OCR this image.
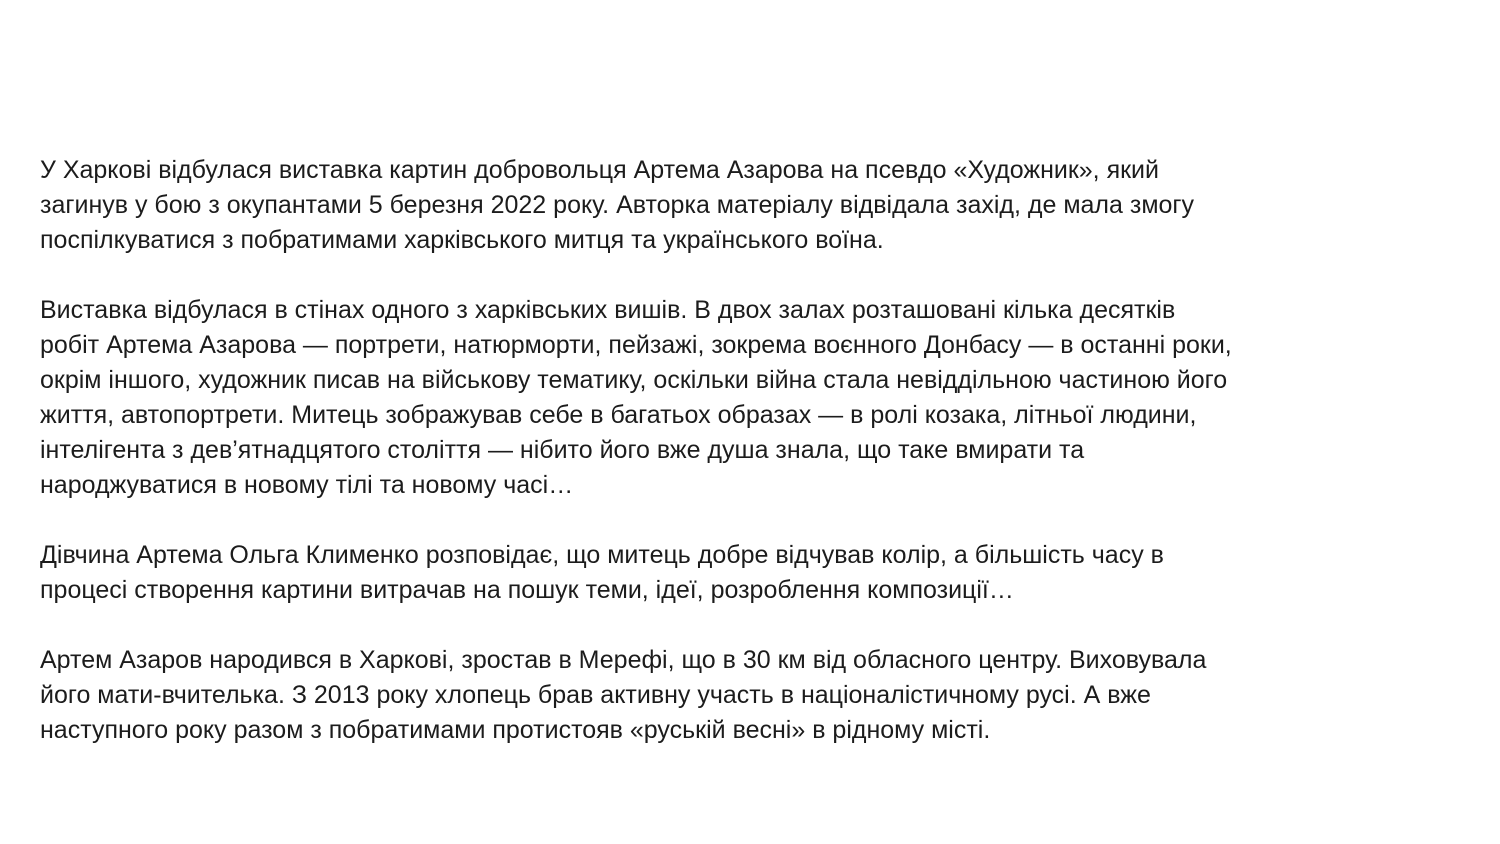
У Харкові відбулася виставка картин добровольця Артема Азарова на псевдо «Художник», який
загинув у бою з окупантами 5 березня 2022 року. Авторка матеріалу відвідала захід, де мала змогу
поспілкуватися з побратимами харківського митця та українського воїна.

Виставка відбулася в стінах одного з харківських вишів. В двох залах розташовані кілька десятків
робіт Артема Азарова — портрети, натюрморти, пейзажі, зокрема воєнного Донбасу — в останні роки,
окрім іншого, художник писав на військову тематику, оскільки війна стала невіддільною частиною його
життя, автопортрети. Митець зображував себе в багатьох образах — в ролі козака, літньої людини,
інтелігента з дев’ятнадцятого століття — нібито його вже душа знала, що таке вмирати та
народжуватися в новому тілі та новому часі…

Дівчина Артема Ольга Клименко розповідає, що митець добре відчував колір, а більшість часу в
процесі створення картини витрачав на пошук теми, ідеї, розроблення композиції…

Артем Азаров народився в Харкові, зростав в Мерефі, що в 30 км від обласного центру. Виховувала
його мати-вчителька. З 2013 року хлопець брав активну участь в націоналістичному русі. А вже
наступного року разом з побратимами протистояв «руській весні» в рідному місті.
